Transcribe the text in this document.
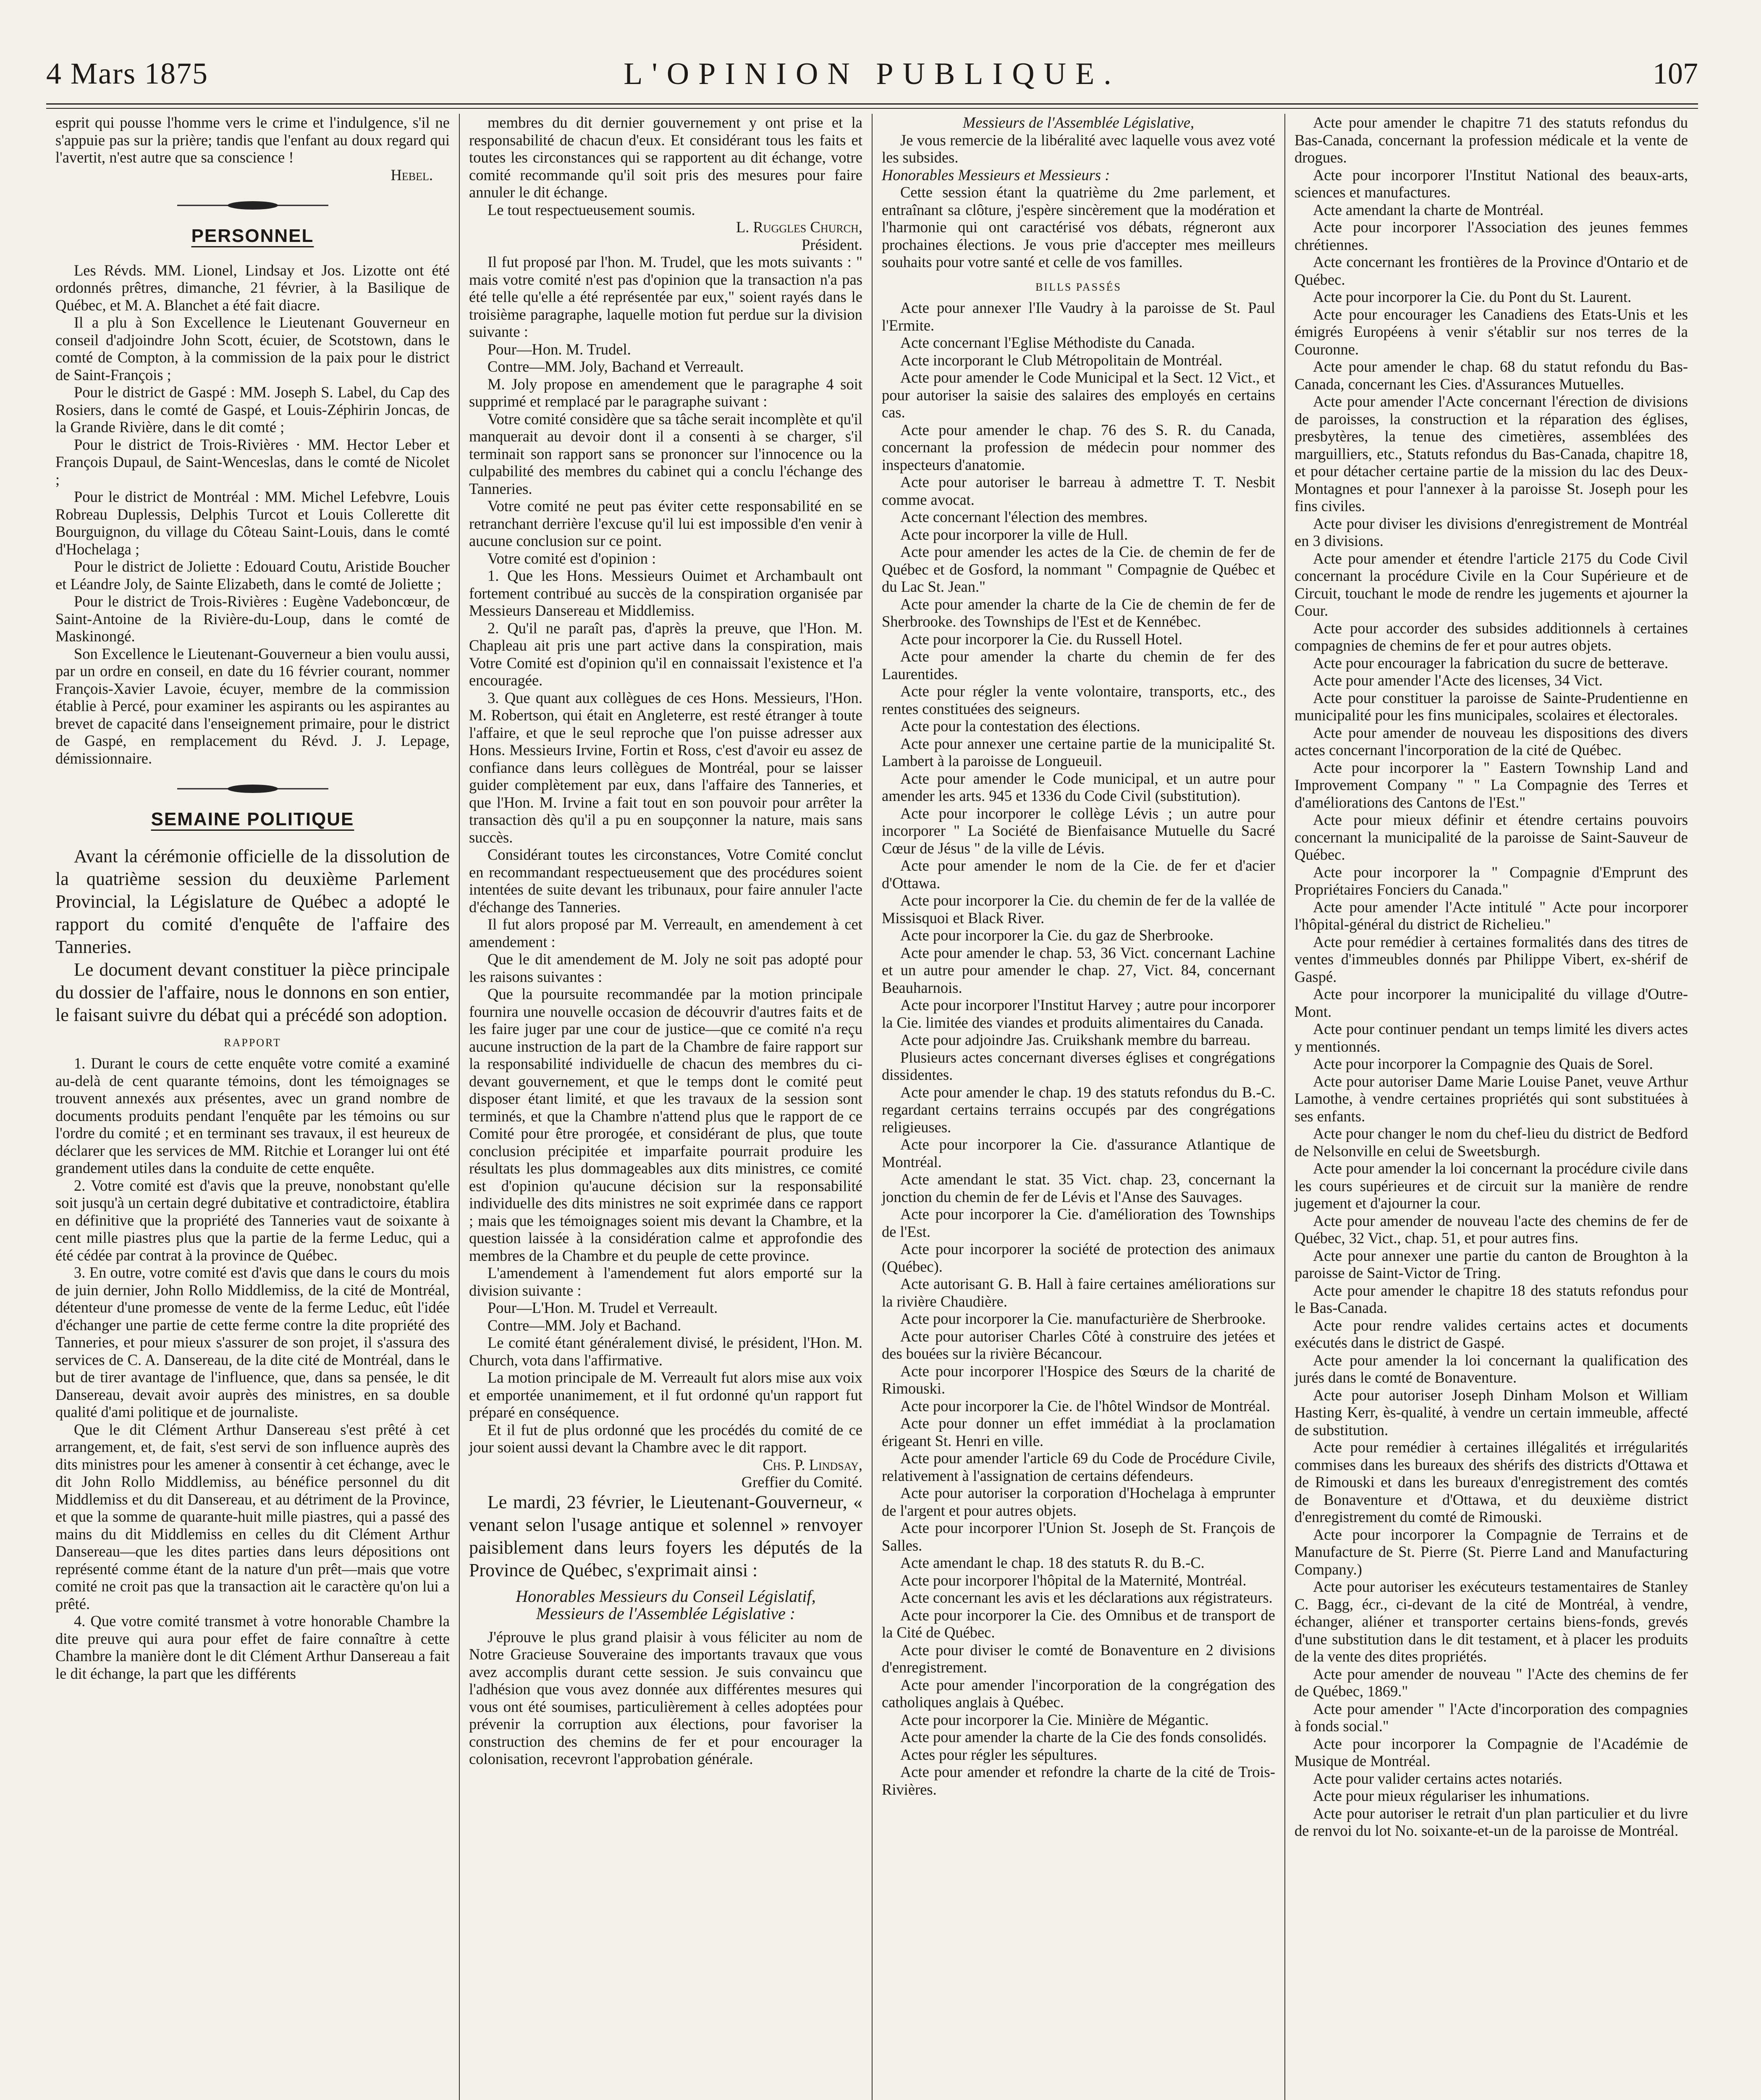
4 Mars 1875	L'OPINION PUBLIQUE.	107

esprit qui pousse l'homme vers le crime et l'indulgence, s'il ne s'appuie pas sur la prière; tandis que l'enfant au doux regard qui l'avertit, n'est autre que sa conscience !

Hebel.

PERSONNEL

Les Révds. MM. Lionel, Lindsay et Jos. Lizotte ont été ordonnés prêtres, dimanche, 21 février, à la Basilique de Québec, et M. A. Blanchet a été fait diacre.

Il a plu à Son Excellence le Lieutenant Gouverneur en conseil d'adjoindre John Scott, écuier, de Scotstown, dans le comté de Compton, à la commission de la paix pour le district de Saint-François ;

Pour le district de Gaspé : MM. Joseph S. Label, du Cap des Rosiers, dans le comté de Gaspé, et Louis-Zéphirin Joncas, de la Grande Rivière, dans le dit comté ;

Pour le district de Trois-Rivières · MM. Hector Leber et François Dupaul, de Saint-Wenceslas, dans le comté de Nicolet ;

Pour le district de Montréal : MM. Michel Lefebvre, Louis Robreau Duplessis, Delphis Turcot et Louis Collerette dit Bourguignon, du village du Côteau Saint-Louis, dans le comté d'Hochelaga ;

Pour le district de Joliette : Edouard Coutu, Aristide Boucher et Léandre Joly, de Sainte Elizabeth, dans le comté de Joliette ;

Pour le district de Trois-Rivières : Eugène Vadeboncœur, de Saint-Antoine de la Rivière-du-Loup, dans le comté de Maskinongé.

Son Excellence le Lieutenant-Gouverneur a bien voulu aussi, par un ordre en conseil, en date du 16 février courant, nommer François-Xavier Lavoie, écuyer, membre de la commission établie à Percé, pour examiner les aspirants ou les aspirantes au brevet de capacité dans l'enseignement primaire, pour le district de Gaspé, en remplacement du Révd. J. J. Lepage, démissionnaire.

SEMAINE POLITIQUE

Avant la cérémonie officielle de la dissolution de la quatrième session du deuxième Parlement Provincial, la Législature de Québec a adopté le rapport du comité d'enquête de l'affaire des Tanneries.

Le document devant constituer la pièce principale du dossier de l'affaire, nous le donnons en son entier, le faisant suivre du débat qui a précédé son adoption.

RAPPORT

1. Durant le cours de cette enquête votre comité a examiné au-delà de cent quarante témoins, dont les témoignages se trouvent annexés aux présentes, avec un grand nombre de documents produits pendant l'enquête par les témoins ou sur l'ordre du comité ; et en terminant ses travaux, il est heureux de déclarer que les services de MM. Ritchie et Loranger lui ont été grandement utiles dans la conduite de cette enquête.

2. Votre comité est d'avis que la preuve, nonobstant qu'elle soit jusqu'à un certain degré dubitative et contradictoire, établira en définitive que la propriété des Tanneries vaut de soixante à cent mille piastres plus que la partie de la ferme Leduc, qui a été cédée par contrat à la province de Québec.

3. En outre, votre comité est d'avis que dans le cours du mois de juin dernier, John Rollo Middlemiss, de la cité de Montréal, détenteur d'une promesse de vente de la ferme Leduc, eût l'idée d'échanger une partie de cette ferme contre la dite propriété des Tanneries, et pour mieux s'assurer de son projet, il s'assura des services de C. A. Dansereau, de la dite cité de Montréal, dans le but de tirer avantage de l'influence, que, dans sa pensée, le dit Dansereau, devait avoir auprès des ministres, en sa double qualité d'ami politique et de journaliste.

Que le dit Clément Arthur Dansereau s'est prêté à cet arrangement, et, de fait, s'est servi de son influence auprès des dits ministres pour les amener à consentir à cet échange, avec le dit John Rollo Middlemiss, au bénéfice personnel du dit Middlemiss et du dit Dansereau, et au détriment de la Province, et que la somme de quarante-huit mille piastres, qui a passé des mains du dit Middlemiss en celles du dit Clément Arthur Dansereau—que les dites parties dans leurs dépositions ont représenté comme étant de la nature d'un prêt—mais que votre comité ne croit pas que la transaction ait le caractère qu'on lui a prêté.

4. Que votre comité transmet à votre honorable Chambre la dite preuve qui aura pour effet de faire connaître à cette Chambre la manière dont le dit Clément Arthur Dansereau a fait le dit échange, la part que les différents

membres du dit dernier gouvernement y ont prise et la responsabilité de chacun d'eux. Et considérant tous les faits et toutes les circonstances qui se rapportent au dit échange, votre comité recommande qu'il soit pris des mesures pour faire annuler le dit échange.

Le tout respectueusement soumis.

L. Ruggles Church,

Président.

Il fut proposé par l'hon. M. Trudel, que les mots suivants : " mais votre comité n'est pas d'opinion que la transaction n'a pas été telle qu'elle a été représentée par eux," soient rayés dans le troisième paragraphe, laquelle motion fut perdue sur la division suivante :

Pour—Hon. M. Trudel.

Contre—MM. Joly, Bachand et Verreault.

M. Joly propose en amendement que le paragraphe 4 soit supprimé et remplacé par le paragraphe suivant :

Votre comité considère que sa tâche serait incomplète et qu'il manquerait au devoir dont il a consenti à se charger, s'il terminait son rapport sans se prononcer sur l'innocence ou la culpabilité des membres du cabinet qui a conclu l'échange des Tanneries.

Votre comité ne peut pas éviter cette responsabilité en se retranchant derrière l'excuse qu'il lui est impossible d'en venir à aucune conclusion sur ce point.

Votre comité est d'opinion :

1. Que les Hons. Messieurs Ouimet et Archambault ont fortement contribué au succès de la conspiration organisée par Messieurs Dansereau et Middlemiss.

2. Qu'il ne paraît pas, d'après la preuve, que l'Hon. M. Chapleau ait pris une part active dans la conspiration, mais Votre Comité est d'opinion qu'il en connaissait l'existence et l'a encouragée.

3. Que quant aux collègues de ces Hons. Messieurs, l'Hon. M. Robertson, qui était en Angleterre, est resté étranger à toute l'affaire, et que le seul reproche que l'on puisse adresser aux Hons. Messieurs Irvine, Fortin et Ross, c'est d'avoir eu assez de confiance dans leurs collègues de Montréal, pour se laisser guider complètement par eux, dans l'affaire des Tanneries, et que l'Hon. M. Irvine a fait tout en son pouvoir pour arrêter la transaction dès qu'il a pu en soupçonner la nature, mais sans succès.

Considérant toutes les circonstances, Votre Comité conclut en recommandant respectueusement que des procédures soient intentées de suite devant les tribunaux, pour faire annuler l'acte d'échange des Tanneries.

Il fut alors proposé par M. Verreault, en amendement à cet amendement :

Que le dit amendement de M. Joly ne soit pas adopté pour les raisons suivantes :

Que la poursuite recommandée par la motion principale fournira une nouvelle occasion de découvrir d'autres faits et de les faire juger par une cour de justice—que ce comité n'a reçu aucune instruction de la part de la Chambre de faire rapport sur la responsabilité individuelle de chacun des membres du ci-devant gouvernement, et que le temps dont le comité peut disposer étant limité, et que les travaux de la session sont terminés, et que la Chambre n'attend plus que le rapport de ce Comité pour être prorogée, et considérant de plus, que toute conclusion précipitée et imparfaite pourrait produire les résultats les plus dommageables aux dits ministres, ce comité est d'opinion qu'aucune décision sur la responsabilité individuelle des dits ministres ne soit exprimée dans ce rapport ; mais que les témoignages soient mis devant la Chambre, et la question laissée à la considération calme et approfondie des membres de la Chambre et du peuple de cette province.

L'amendement à l'amendement fut alors emporté sur la division suivante :

Pour—L'Hon. M. Trudel et Verreault.

Contre—MM. Joly et Bachand.

Le comité étant généralement divisé, le président, l'Hon. M. Church, vota dans l'affirmative.

La motion principale de M. Verreault fut alors mise aux voix et emportée unanimement, et il fut ordonné qu'un rapport fut préparé en conséquence.

Et il fut de plus ordonné que les procédés du comité de ce jour soient aussi devant la Chambre avec le dit rapport.

Chs. P. Lindsay,

Greffier du Comité.

Le mardi, 23 février, le Lieutenant-Gouverneur, « venant selon l'usage antique et solennel » renvoyer paisiblement dans leurs foyers les députés de la Province de Québec, s'exprimait ainsi :

Honorables Messieurs du Conseil Législatif,

Messieurs de l'Assemblée Législative :

J'éprouve le plus grand plaisir à vous féliciter au nom de Notre Gracieuse Souveraine des importants travaux que vous avez accomplis durant cette session. Je suis convaincu que l'adhésion que vous avez donnée aux différentes mesures qui vous ont été soumises, particulièrement à celles adoptées pour prévenir la corruption aux élections, pour favoriser la construction des chemins de fer et pour encourager la colonisation, recevront l'approbation générale.

Messieurs de l'Assemblée Législative,

Je vous remercie de la libéralité avec laquelle vous avez voté les subsides.

Honorables Messieurs et Messieurs :

Cette session étant la quatrième du 2me parlement, et entraînant sa clôture, j'espère sincèrement que la modération et l'harmonie qui ont caractérisé vos débats, régneront aux prochaines élections. Je vous prie d'accepter mes meilleurs souhaits pour votre santé et celle de vos familles.

BILLS PASSÉS

Acte pour annexer l'Ile Vaudry à la paroisse de St. Paul l'Ermite.

Acte concernant l'Eglise Méthodiste du Canada.

Acte incorporant le Club Métropolitain de Montréal.

Acte pour amender le Code Municipal et la Sect. 12 Vict., et pour autoriser la saisie des salaires des employés en certains cas.

Acte pour amender le chap. 76 des S. R. du Canada, concernant la profession de médecin pour nommer des inspecteurs d'anatomie.

Acte pour autoriser le barreau à admettre T. T. Nesbit comme avocat.

Acte concernant l'élection des membres.

Acte pour incorporer la ville de Hull.

Acte pour amender les actes de la Cie. de chemin de fer de Québec et de Gosford, la nommant " Compagnie de Québec et du Lac St. Jean."

Acte pour amender la charte de la Cie de chemin de fer de Sherbrooke. des Townships de l'Est et de Kennébec.

Acte pour incorporer la Cie. du Russell Hotel.

Acte pour amender la charte du chemin de fer des Laurentides.

Acte pour régler la vente volontaire, transports, etc., des rentes constituées des seigneurs.

Acte pour la contestation des élections.

Acte pour annexer une certaine partie de la municipalité St. Lambert à la paroisse de Longueuil.

Acte pour amender le Code municipal, et un autre pour amender les arts. 945 et 1336 du Code Civil (substitution).

Acte pour incorporer le collège Lévis ; un autre pour incorporer " La Société de Bienfaisance Mutuelle du Sacré Cœur de Jésus " de la ville de Lévis.

Acte pour amender le nom de la Cie. de fer et d'acier d'Ottawa.

Acte pour incorporer la Cie. du chemin de fer de la vallée de Missisquoi et Black River.

Acte pour incorporer la Cie. du gaz de Sherbrooke.

Acte pour amender le chap. 53, 36 Vict. concernant Lachine et un autre pour amender le chap. 27, Vict. 84, concernant Beauharnois.

Acte pour incorporer l'Institut Harvey ; autre pour incorporer la Cie. limitée des viandes et produits alimentaires du Canada.

Acte pour adjoindre Jas. Cruikshank membre du barreau.

Plusieurs actes concernant diverses églises et congrégations dissidentes.

Acte pour amender le chap. 19 des statuts refondus du B.-C. regardant certains terrains occupés par des congrégations religieuses.

Acte pour incorporer la Cie. d'assurance Atlantique de Montréal.

Acte amendant le stat. 35 Vict. chap. 23, concernant la jonction du chemin de fer de Lévis et l'Anse des Sauvages.

Acte pour incorporer la Cie. d'amélioration des Townships de l'Est.

Acte pour incorporer la société de protection des animaux (Québec).

Acte autorisant G. B. Hall à faire certaines améliorations sur la rivière Chaudière.

Acte pour incorporer la Cie. manufacturière de Sherbrooke.

Acte pour autoriser Charles Côté à construire des jetées et des bouées sur la rivière Bécancour.

Acte pour incorporer l'Hospice des Sœurs de la charité de Rimouski.

Acte pour incorporer la Cie. de l'hôtel Windsor de Montréal.

Acte pour donner un effet immédiat à la proclamation érigeant St. Henri en ville.

Acte pour amender l'article 69 du Code de Procédure Civile, relativement à l'assignation de certains défendeurs.

Acte pour autoriser la corporation d'Hochelaga à emprunter de l'argent et pour autres objets.

Acte pour incorporer l'Union St. Joseph de St. François de Salles.

Acte amendant le chap. 18 des statuts R. du B.-C.

Acte pour incorporer l'hôpital de la Maternité, Montréal.

Acte concernant les avis et les déclarations aux régistrateurs.

Acte pour incorporer la Cie. des Omnibus et de transport de la Cité de Québec.

Acte pour diviser le comté de Bonaventure en 2 divisions d'enregistrement.

Acte pour amender l'incorporation de la congrégation des catholiques anglais à Québec.

Acte pour incorporer la Cie. Minière de Mégantic.

Acte pour amender la charte de la Cie des fonds consolidés.

Actes pour régler les sépultures.

Acte pour amender et refondre la charte de la cité de Trois-Rivières.

Acte pour amender le chapitre 71 des statuts refondus du Bas-Canada, concernant la profession médicale et la vente de drogues.

Acte pour incorporer l'Institut National des beaux-arts, sciences et manufactures.

Acte amendant la charte de Montréal.

Acte pour incorporer l'Association des jeunes femmes chrétiennes.

Acte concernant les frontières de la Province d'Ontario et de Québec.

Acte pour incorporer la Cie. du Pont du St. Laurent.

Acte pour encourager les Canadiens des Etats-Unis et les émigrés Européens à venir s'établir sur nos terres de la Couronne.

Acte pour amender le chap. 68 du statut refondu du Bas-Canada, concernant les Cies. d'Assurances Mutuelles.

Acte pour amender l'Acte concernant l'érection de divisions de paroisses, la construction et la réparation des églises, presbytères, la tenue des cimetières, assemblées des marguilliers, etc., Statuts refondus du Bas-Canada, chapitre 18, et pour détacher certaine partie de la mission du lac des Deux-Montagnes et pour l'annexer à la paroisse St. Joseph pour les fins civiles.

Acte pour diviser les divisions d'enregistrement de Montréal en 3 divisions.

Acte pour amender et étendre l'article 2175 du Code Civil concernant la procédure Civile en la Cour Supérieure et de Circuit, touchant le mode de rendre les jugements et ajourner la Cour.

Acte pour accorder des subsides additionnels à certaines compagnies de chemins de fer et pour autres objets.

Acte pour encourager la fabrication du sucre de betterave.

Acte pour amender l'Acte des licenses, 34 Vict.

Acte pour constituer la paroisse de Sainte-Prudentienne en municipalité pour les fins municipales, scolaires et électorales.

Acte pour amender de nouveau les dispositions des divers actes concernant l'incorporation de la cité de Québec.

Acte pour incorporer la " Eastern Township Land and Improvement Company " " La Compagnie des Terres et d'améliorations des Cantons de l'Est."

Acte pour mieux définir et étendre certains pouvoirs concernant la municipalité de la paroisse de Saint-Sauveur de Québec.

Acte pour incorporer la " Compagnie d'Emprunt des Propriétaires Fonciers du Canada."

Acte pour amender l'Acte intitulé " Acte pour incorporer l'hôpital-général du district de Richelieu."

Acte pour remédier à certaines formalités dans des titres de ventes d'immeubles donnés par Philippe Vibert, ex-shérif de Gaspé.

Acte pour incorporer la municipalité du village d'Outre-Mont.

Acte pour continuer pendant un temps limité les divers actes y mentionnés.

Acte pour incorporer la Compagnie des Quais de Sorel.

Acte pour autoriser Dame Marie Louise Panet, veuve Arthur Lamothe, à vendre certaines propriétés qui sont substituées à ses enfants.

Acte pour changer le nom du chef-lieu du district de Bedford de Nelsonville en celui de Sweetsburgh.

Acte pour amender la loi concernant la procédure civile dans les cours supérieures et de circuit sur la manière de rendre jugement et d'ajourner la cour.

Acte pour amender de nouveau l'acte des chemins de fer de Québec, 32 Vict., chap. 51, et pour autres fins.

Acte pour annexer une partie du canton de Broughton à la paroisse de Saint-Victor de Tring.

Acte pour amender le chapitre 18 des statuts refondus pour le Bas-Canada.

Acte pour rendre valides certains actes et documents exécutés dans le district de Gaspé.

Acte pour amender la loi concernant la qualification des jurés dans le comté de Bonaventure.

Acte pour autoriser Joseph Dinham Molson et William Hasting Kerr, ès-qualité, à vendre un certain immeuble, affecté de substitution.

Acte pour remédier à certaines illégalités et irrégularités commises dans les bureaux des shérifs des districts d'Ottawa et de Rimouski et dans les bureaux d'enregistrement des comtés de Bonaventure et d'Ottawa, et du deuxième district d'enregistrement du comté de Rimouski.

Acte pour incorporer la Compagnie de Terrains et de Manufacture de St. Pierre (St. Pierre Land and Manufacturing Company.)

Acte pour autoriser les exécuteurs testamentaires de Stanley C. Bagg, écr., ci-devant de la cité de Montréal, à vendre, échanger, aliéner et transporter certains biens-fonds, grevés d'une substitution dans le dit testament, et à placer les produits de la vente des dites propriétés.

Acte pour amender de nouveau " l'Acte des chemins de fer de Québec, 1869."

Acte pour amender " l'Acte d'incorporation des compagnies à fonds social."

Acte pour incorporer la Compagnie de l'Académie de Musique de Montréal.

Acte pour valider certains actes notariés.

Acte pour mieux régulariser les inhumations.

Acte pour autoriser le retrait d'un plan particulier et du livre de renvoi du lot No. soixante-et-un de la paroisse de Montréal.
